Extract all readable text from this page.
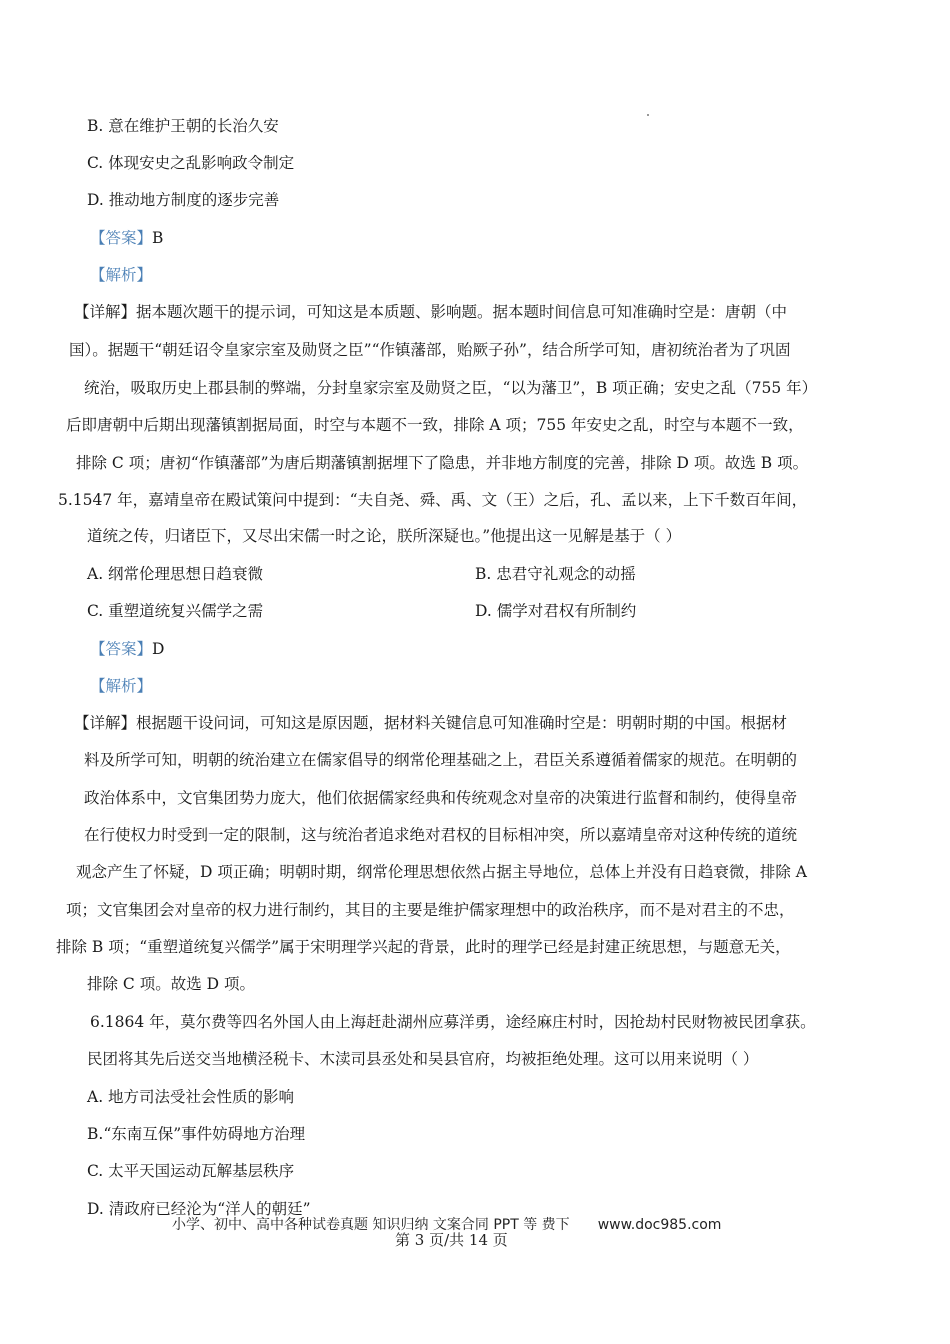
B. 意在维护王朝的长治久安
C. 体现安史之乱影响政令制定
D. 推动地方制度的逐步完善
【答案】B
【解析】
【详解】据本题次题干的提示词，可知这是本质题、影响题。据本题时间信息可知准确时空是：唐朝（中
国）。据题干“朝廷诏令皇家宗室及勋贤之臣”“作镇藩部，贻厥子孙”，结合所学可知，唐初统治者为了巩固
统治，吸取历史上郡县制的弊端，分封皇家宗室及勋贤之臣，“以为藩卫”，B 项正确；安史之乱（755 年）
后即唐朝中后期出现藩镇割据局面，时空与本题不一致，排除 A 项；755 年安史之乱，时空与本题不一致，
排除 C 项；唐初“作镇藩部”为唐后期藩镇割据埋下了隐患，并非地方制度的完善，排除 D 项。故选 B 项。
5.1547 年，嘉靖皇帝在殿试策问中提到：“夫自尧、舜、禹、文（王）之后，孔、孟以来，上下千数百年间，
道统之传，归诸臣下，又尽出宋儒一时之论，朕所深疑也。”他提出这一见解是基于（ ）
A. 纲常伦理思想日趋衰微	B. 忠君守礼观念的动摇
C. 重塑道统复兴儒学之需	D. 儒学对君权有所制约
【答案】D
【解析】
【详解】根据题干设问词，可知这是原因题，据材料关键信息可知准确时空是：明朝时期的中国。根据材
料及所学可知，明朝的统治建立在儒家倡导的纲常伦理基础之上，君臣关系遵循着儒家的规范。在明朝的
政治体系中，文官集团势力庞大，他们依据儒家经典和传统观念对皇帝的决策进行监督和制约，使得皇帝
在行使权力时受到一定的限制，这与统治者追求绝对君权的目标相冲突，所以嘉靖皇帝对这种传统的道统
观念产生了怀疑，D 项正确；明朝时期，纲常伦理思想依然占据主导地位，总体上并没有日趋衰微，排除 A
项；文官集团会对皇帝的权力进行制约，其目的主要是维护儒家理想中的政治秩序，而不是对君主的不忠，
排除 B 项；“重塑道统复兴儒学”属于宋明理学兴起的背景，此时的理学已经是封建正统思想，与题意无关，
排除 C 项。故选 D 项。
6.1864 年，莫尔费等四名外国人由上海赶赴湖州应募洋勇，途经麻庄村时，因抢劫村民财物被民团拿获。
民团将其先后送交当地横泾税卡、木渎司县丞处和吴县官府，均被拒绝处理。这可以用来说明（ ）
A. 地方司法受社会性质的影响
B.“东南互保”事件妨碍地方治理
C. 太平天国运动瓦解基层秩序
D. 清政府已经沦为“洋人的朝廷”
小学、初中、高中各种试卷真题 知识归纳 文案合同 PPT 等 费下 www.doc985.com
第 3 页/共 14 页
